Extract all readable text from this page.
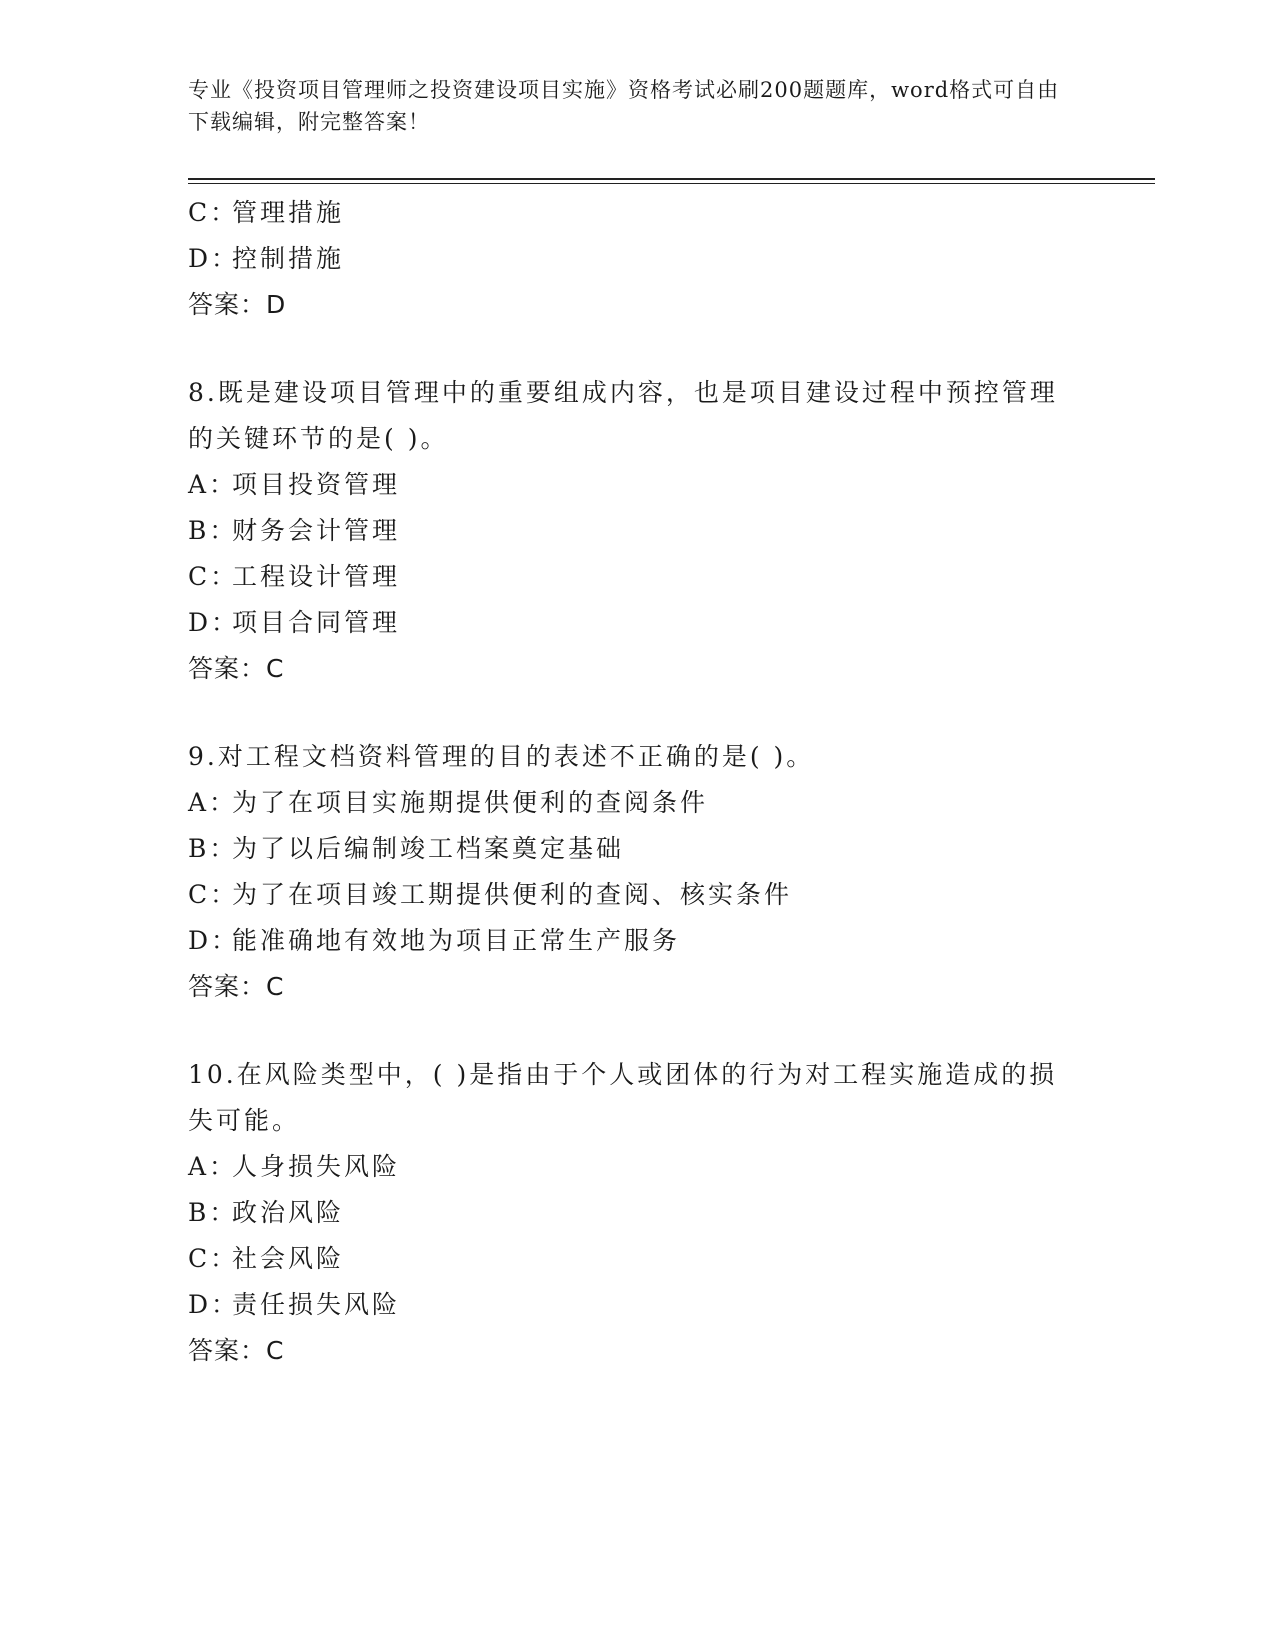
专业《投资项目管理师之投资建设项目实施》资格考试必刷200题题库，word格式可自由下载编辑，附完整答案！
C：管理措施
D：控制措施
答案：D
8.既是建设项目管理中的重要组成内容，也是项目建设过程中预控管理的关键环节的是( )。
A：项目投资管理
B：财务会计管理
C：工程设计管理
D：项目合同管理
答案：C
9.对工程文档资料管理的目的表述不正确的是( )。
A：为了在项目实施期提供便利的查阅条件
B：为了以后编制竣工档案奠定基础
C：为了在项目竣工期提供便利的查阅、核实条件
D：能准确地有效地为项目正常生产服务
答案：C
10.在风险类型中，( )是指由于个人或团体的行为对工程实施造成的损失可能。
A：人身损失风险
B：政治风险
C：社会风险
D：责任损失风险
答案：C
